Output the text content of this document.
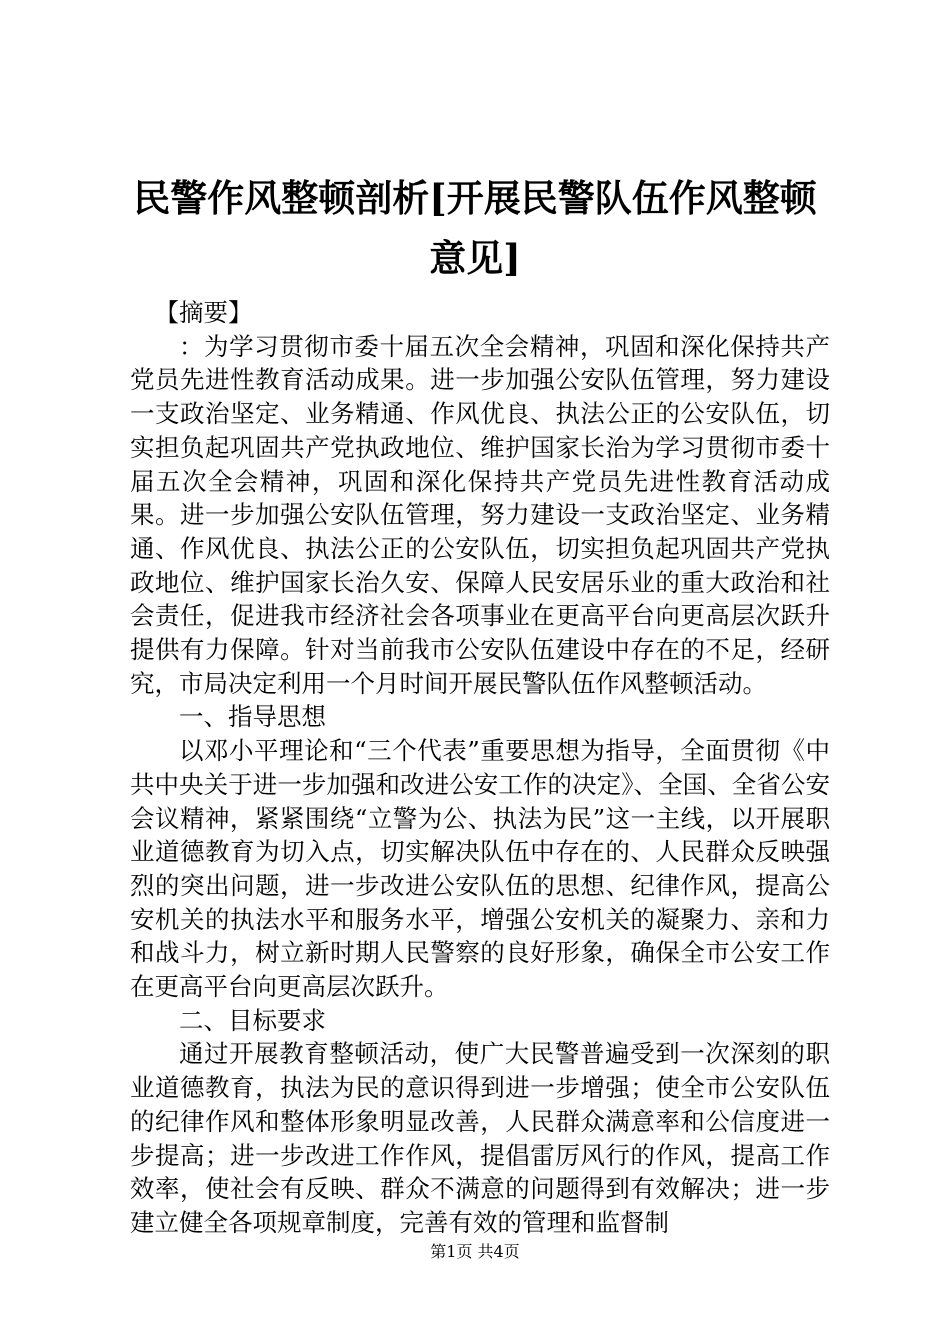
民警作风整顿剖析[开展民警队伍作风整顿意见]

【摘要】

：为学习贯彻市委十届五次全会精神，巩固和深化保持共产党员先进性教育活动成果。进一步加强公安队伍管理，努力建设一支政治坚定、业务精通、作风优良、执法公正的公安队伍，切实担负起巩固共产党执政地位、维护国家长治为学习贯彻市委十届五次全会精神，巩固和深化保持共产党员先进性教育活动成果。进一步加强公安队伍管理，努力建设一支政治坚定、业务精通、作风优良、执法公正的公安队伍，切实担负起巩固共产党执政地位、维护国家长治久安、保障人民安居乐业的重大政治和社会责任，促进我市经济社会各项事业在更高平台向更高层次跃升提供有力保障。针对当前我市公安队伍建设中存在的不足，经研究，市局决定利用一个月时间开展民警队伍作风整顿活动。

一、指导思想

以邓小平理论和“三个代表”重要思想为指导，全面贯彻《中共中央关于进一步加强和改进公安工作的决定》、全国、全省公安会议精神，紧紧围绕“立警为公、执法为民”这一主线，以开展职业道德教育为切入点，切实解决队伍中存在的、人民群众反映强烈的突出问题，进一步改进公安队伍的思想、纪律作风，提高公安机关的执法水平和服务水平，增强公安机关的凝聚力、亲和力和战斗力，树立新时期人民警察的良好形象，确保全市公安工作在更高平台向更高层次跃升。

二、目标要求

通过开展教育整顿活动，使广大民警普遍受到一次深刻的职业道德教育，执法为民的意识得到进一步增强；使全市公安队伍的纪律作风和整体形象明显改善，人民群众满意率和公信度进一步提高；进一步改进工作作风，提倡雷厉风行的作风，提高工作效率，使社会有反映、群众不满意的问题得到有效解决；进一步建立健全各项规章制度，完善有效的管理和监督制

第1页 共4页
